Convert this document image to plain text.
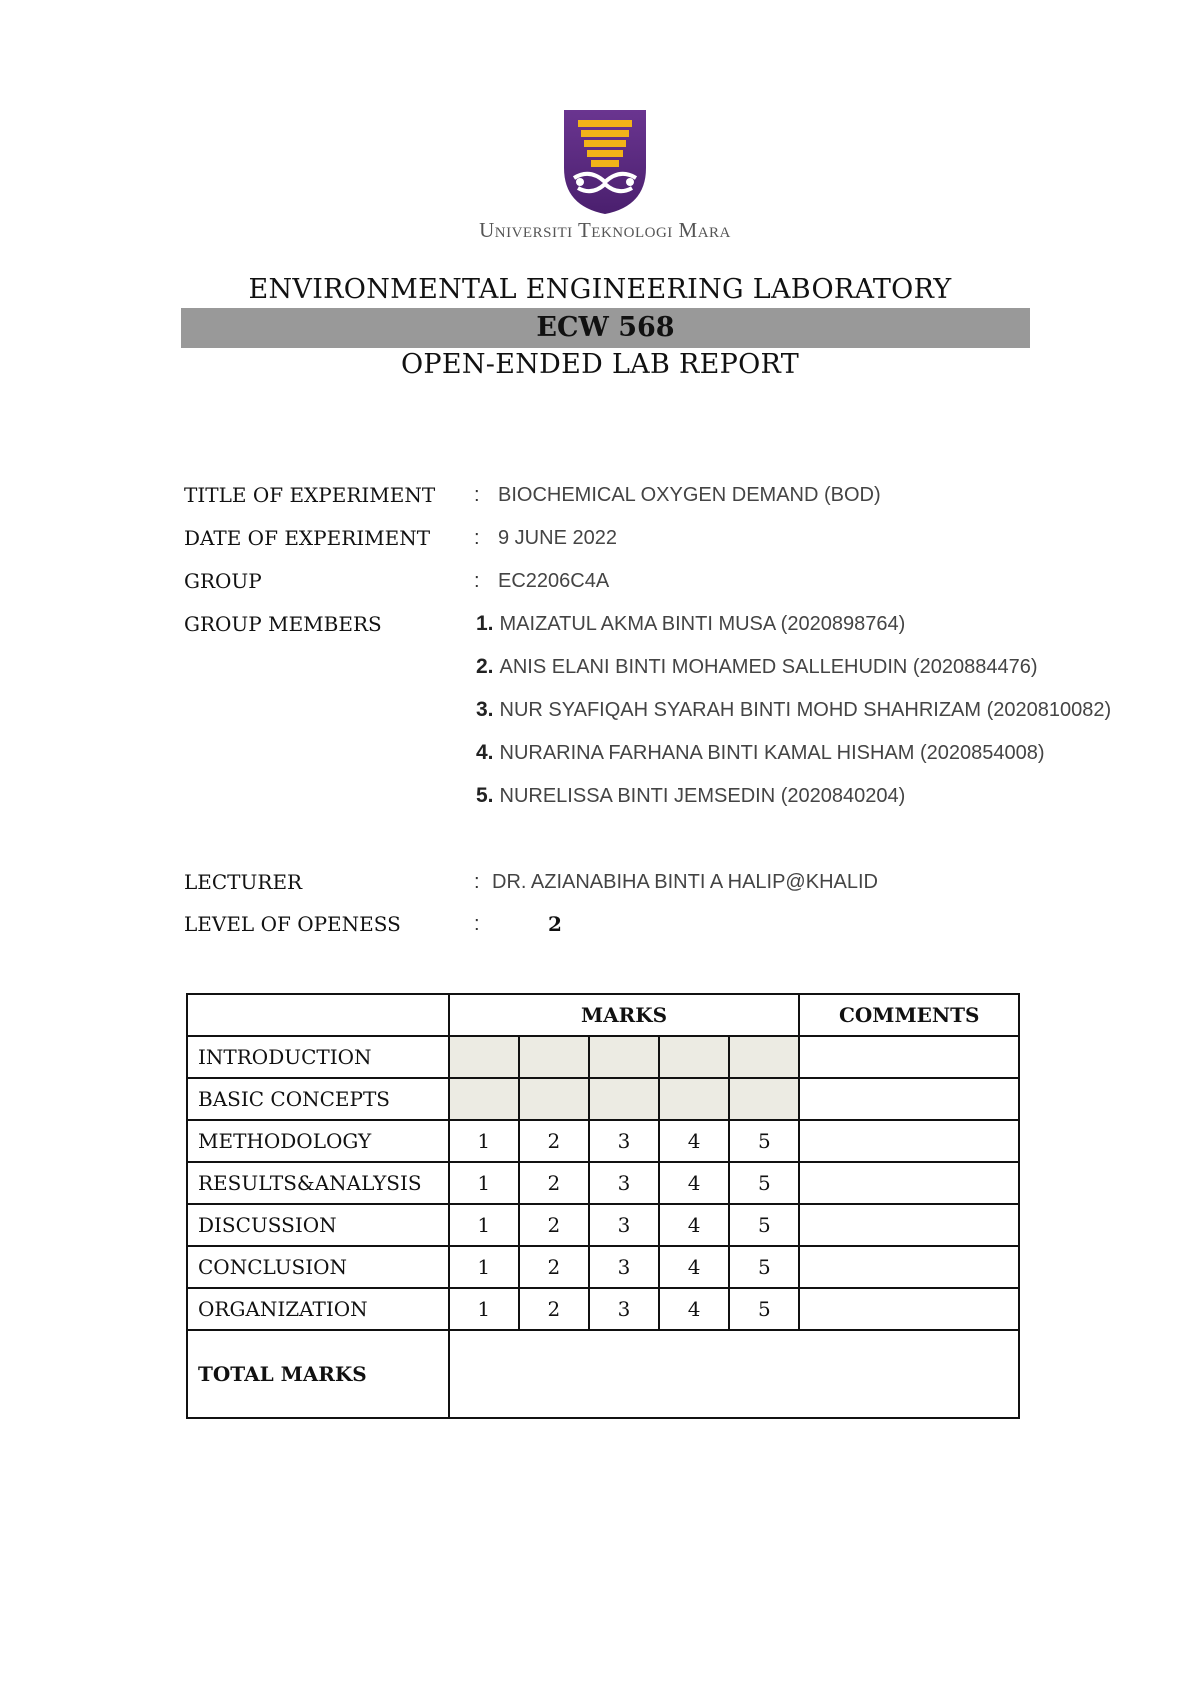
Universiti Teknologi Mara
ENVIRONMENTAL ENGINEERING LABORATORY
ECW 568
OPEN-ENDED LAB REPORT
TITLE OF EXPERIMENT : BIOCHEMICAL OXYGEN DEMAND (BOD)
DATE OF EXPERIMENT : 9 JUNE 2022
GROUP	: EC2206C4A
GROUP MEMBERS	1. MAIZATUL AKMA BINTI MUSA (2020898764)
2. ANIS ELANI BINTI MOHAMED SALLEHUDIN (2020884476)
3. NUR SYAFIQAH SYARAH BINTI MOHD SHAHRIZAM (2020810082)
4. NURARINA FARHANA BINTI KAMAL HISHAM (2020854008)
5. NURELISSA BINTI JEMSEDIN (2020840204)
LECTURER	: DR. AZIANABIHA BINTI A HALIP@KHALID
LEVEL OF OPENESS	:	2
	MARKS					COMMENTS
INTRODUCTION						
BASIC CONCEPTS						
METHODOLOGY	1	2	3	4	5	
RESULTS&ANALYSIS	1	2	3	4	5	
DISCUSSION	1	2	3	4	5	
CONCLUSION	1	2	3	4	5	
ORGANIZATION	1	2	3	4	5	
TOTAL MARKS						
